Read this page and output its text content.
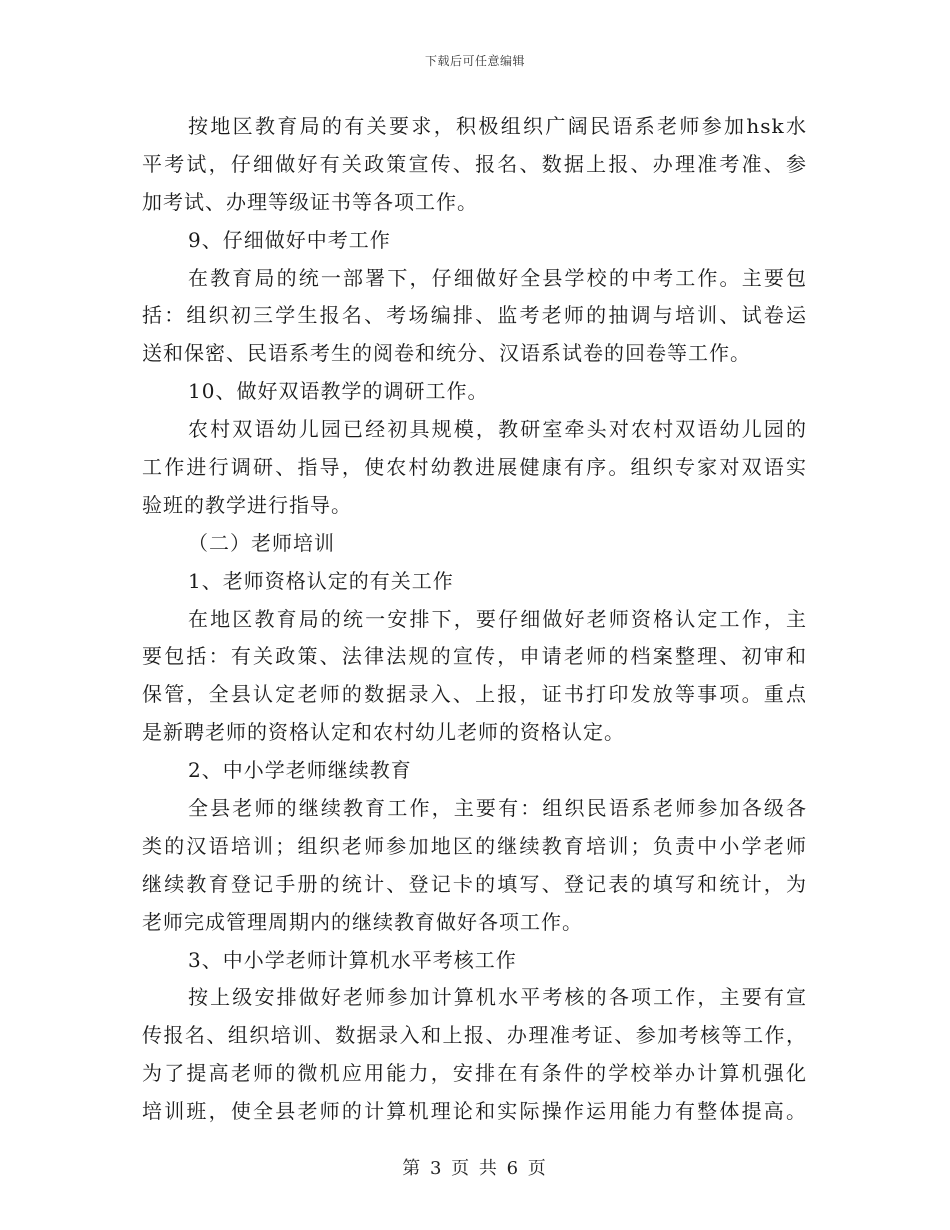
下载后可任意编辑
按地区教育局的有关要求，积极组织广阔民语系老师参加hsk水
平考试，仔细做好有关政策宣传、报名、数据上报、办理准考准、参
加考试、办理等级证书等各项工作。
9、仔细做好中考工作
在教育局的统一部署下，仔细做好全县学校的中考工作。主要包
括：组织初三学生报名、考场编排、监考老师的抽调与培训、试卷运
送和保密、民语系考生的阅卷和统分、汉语系试卷的回卷等工作。
10、做好双语教学的调研工作。
农村双语幼儿园已经初具规模，教研室牵头对农村双语幼儿园的
工作进行调研、指导，使农村幼教进展健康有序。组织专家对双语实
验班的教学进行指导。
（二）老师培训
1、老师资格认定的有关工作
在地区教育局的统一安排下，要仔细做好老师资格认定工作，主
要包括：有关政策、法律法规的宣传，申请老师的档案整理、初审和
保管，全县认定老师的数据录入、上报，证书打印发放等事项。重点
是新聘老师的资格认定和农村幼儿老师的资格认定。
2、中小学老师继续教育
全县老师的继续教育工作，主要有：组织民语系老师参加各级各
类的汉语培训；组织老师参加地区的继续教育培训；负责中小学老师
继续教育登记手册的统计、登记卡的填写、登记表的填写和统计，为
老师完成管理周期内的继续教育做好各项工作。
3、中小学老师计算机水平考核工作
按上级安排做好老师参加计算机水平考核的各项工作，主要有宣
传报名、组织培训、数据录入和上报、办理准考证、参加考核等工作，
为了提高老师的微机应用能力，安排在有条件的学校举办计算机强化
培训班，使全县老师的计算机理论和实际操作运用能力有整体提高。
第 3 页 共 6 页
